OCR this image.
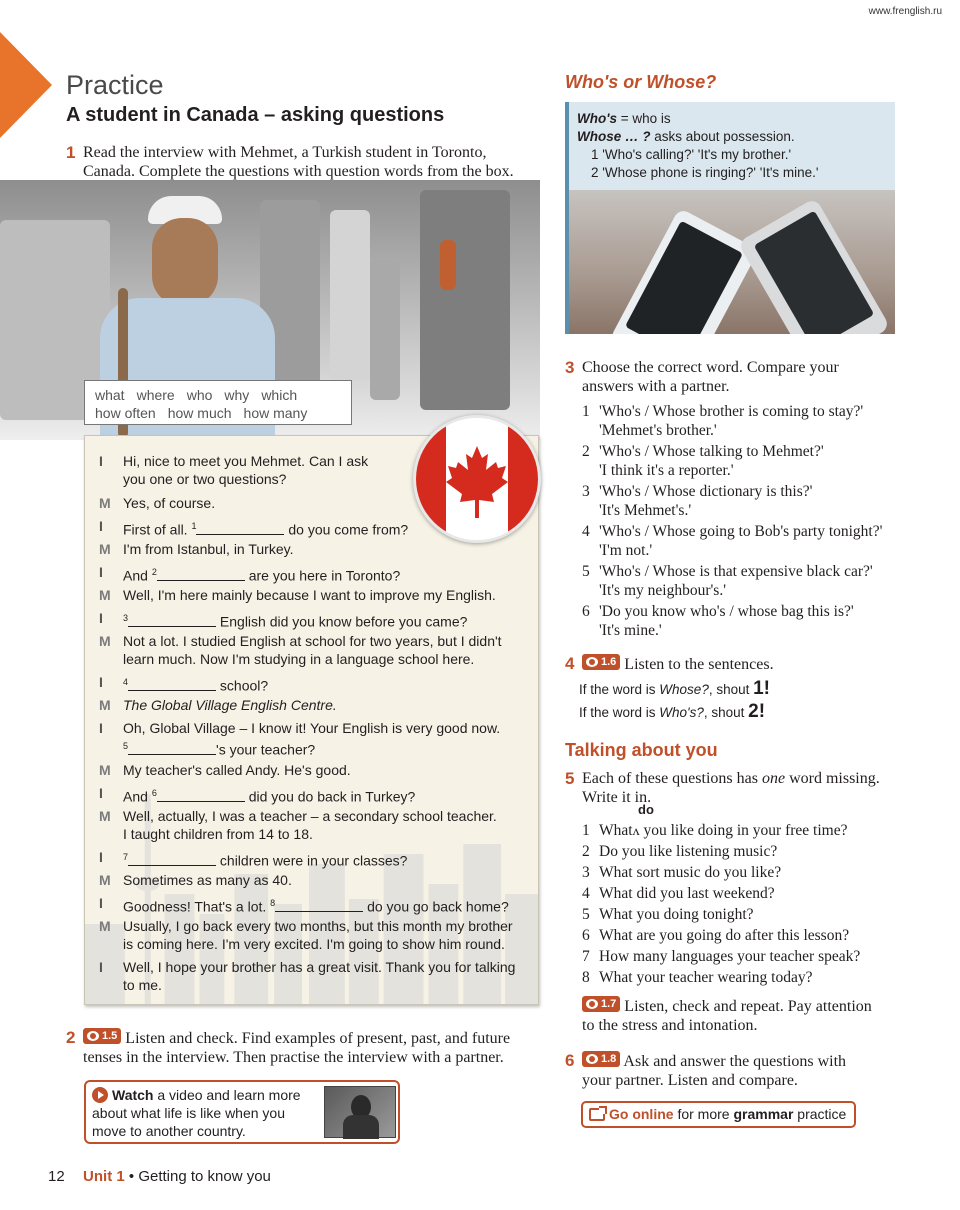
www.frenglish.ru
Practice
A student in Canada – asking questions
1 Read the interview with Mehmet, a Turkish student in Toronto,
Canada. Complete the questions with question words from the box.
what where who why which
how often how much how many
I	Hi, nice to meet you Mehmet. Can I ask
you one or two questions?
M Yes, of course.
I	First of all. $^1$	do you come from?
M I'm from Istanbul, in Turkey.
I	And $^2$	are you here in Toronto?
M Well, I'm here mainly because I want to improve my English.
I	$^3$	English did you know before you came?
M Not a lot. I studied English at school for two years, but I didn't
learn much. Now I'm studying in a language school here.
I	$^4$	school?
M The Global Village English Centre.
I	Oh, Global Village – I know it! Your English is very good now.
$^5$	's your teacher?
M My teacher's called Andy. He's good.
I	And $^6$	did you do back in Turkey?
M Well, actually, I was a teacher – a secondary school teacher.
I taught children from 14 to 18.
I	$^7$	children were in your classes?
M Sometimes as many as 40.
I	Goodness! That's a lot. $^8$	do you go back home?
M Usually, I go back every two months, but this month my brother
is coming here. I'm very excited. I'm going to show him round.
I	Well, I hope your brother has a great visit. Thank you for talking
to me.
2 1.5 Listen and check. Find examples of present, past, and future
tenses in the interview. Then practise the interview with a partner.
Watch a video and learn more
about what life is like when you
move to another country.
12 Unit 1 • Getting to know you
Who's or Whose?
Who's = who is
Whose … ? asks about possession.
1 'Who's calling?' 'It's my brother.'
2 'Whose phone is ringing?' 'It's mine.'
3 Choose the correct word. Compare your
answers with a partner.
1 'Who's / Whose brother is coming to stay?'
'Mehmet's brother.'
2 'Who's / Whose talking to Mehmet?'
'I think it's a reporter.'
3 'Who's / Whose dictionary is this?'
'It's Mehmet's.'
4 'Who's / Whose going to Bob's party tonight?'
'I'm not.'
5 'Who's / Whose is that expensive black car?'
'It's my neighbour's.'
6 'Do you know who's / whose bag this is?'
'It's mine.'
4 1.6 Listen to the sentences.
If the word is Whose?, shout 1!
If the word is Who's?, shout 2!
Talking about you
5 Each of these questions has one word missing.
Write it in.
do
1 Whatʌ you like doing in your free time?
2 Do you like listening music?
3 What sort music do you like?
4 What did you last weekend?
5 What you doing tonight?
6 What are you going do after this lesson?
7 How many languages your teacher speak?
8 What your teacher wearing today?
1.7 Listen, check and repeat. Pay attention
to the stress and intonation.
6 1.8 Ask and answer the questions with
your partner. Listen and compare.
Go online for more grammar practice
